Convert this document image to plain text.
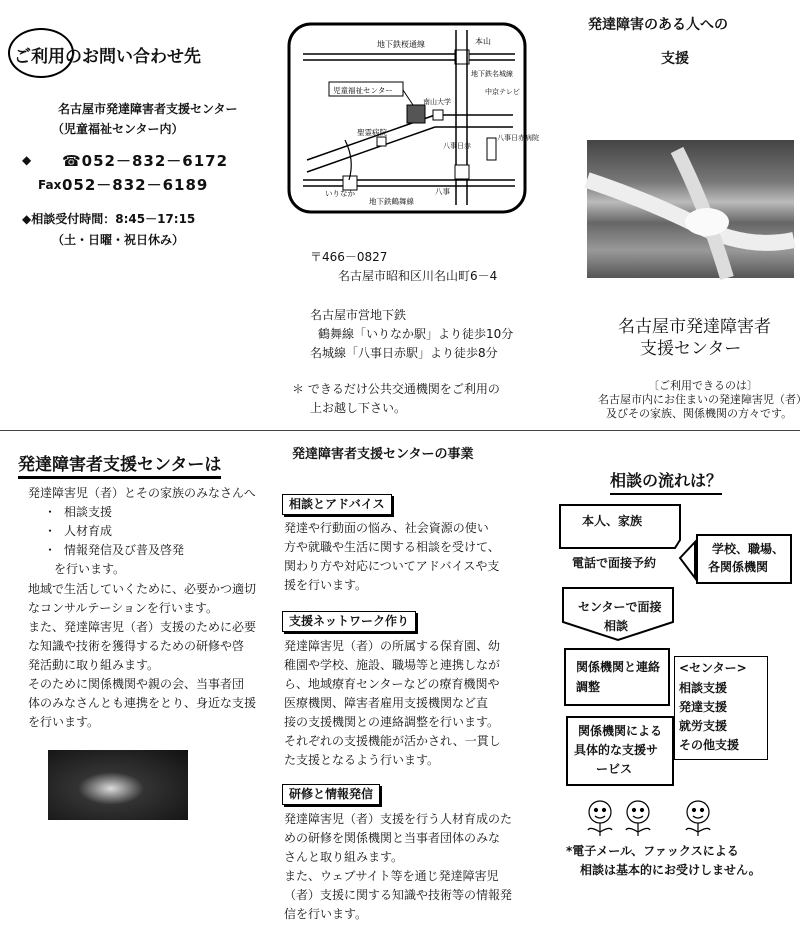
ご利用のお問い合わせ先
名古屋市発達障害者支援センター
（児童福祉センター内）
◆ ☎052－832－6172
Fax 052－832－6189
◆相談受付時間：8:45－17:15
（土・日曜・祝日休み）
地下鉄桜通線	本山
地下鉄名城線
中京テレビ
南山大学
児童福祉センター
聖霊病院
八事日赤病院
八事日赤
いりなか	八事
地下鉄鶴舞線
〒466－0827
名古屋市昭和区川名山町6－4
名古屋市営地下鉄
鶴舞線「いりなか駅」より徒歩10分
名城線「八事日赤駅」より徒歩8分
＊ できるだけ公共交通機関をご利用の
上お越し下さい。
発達障害のある人への
支援
名古屋市発達障害者
支援センター
〔ご利用できるのは〕
名古屋市内にお住まいの発達障害児（者）
及びその家族、関係機関の方々です。
発達障害者支援センターは
発達障害児（者）とその家族のみなさんへ
・ 相談支援
・ 人材育成
・ 情報発信及び普及啓発
を行います。
地域で生活していくために、必要かつ適切
なコンサルテーションを行います。
また、発達障害児（者）支援のために必要
な知識や技術を獲得するための研修や啓
発活動に取り組みます。
そのために関係機関や親の会、当事者団
体のみなさんとも連携をとり、身近な支援
を行います。
発達障害者支援センターの事業
相談とアドバイス
発達や行動面の悩み、社会資源の使い
方や就職や生活に関する相談を受けて、
関わり方や対応についてアドバイスや支
援を行います。
支援ネットワーク作り
発達障害児（者）の所属する保育園、幼
稚園や学校、施設、職場等と連携しなが
ら、地域療育センターなどの療育機関や
医療機関、障害者雇用支援機関など直
接の支援機関との連絡調整を行います。
それぞれの支援機能が活かされ、一貫し
た支援となるよう行います。
研修と情報発信
発達障害児（者）支援を行う人材育成のた
めの研修を関係機関と当事者団体のみな
さんと取り組みます。
また、ウェブサイト等を通じ発達障害児
（者）支援に関する知識や技術等の情報発
信を行います。
相談の流れは？
本人、家族
電話で面接予約
学校、職場、
各関係機関
センターで面接
相談
関係機関と連絡
調整
<センター>
相談支援
発達支援
就労支援
その他支援
関係機関による
具体的な支援サ
ービス
*電子メール、ファックスによる
相談は基本的にお受けしません。
